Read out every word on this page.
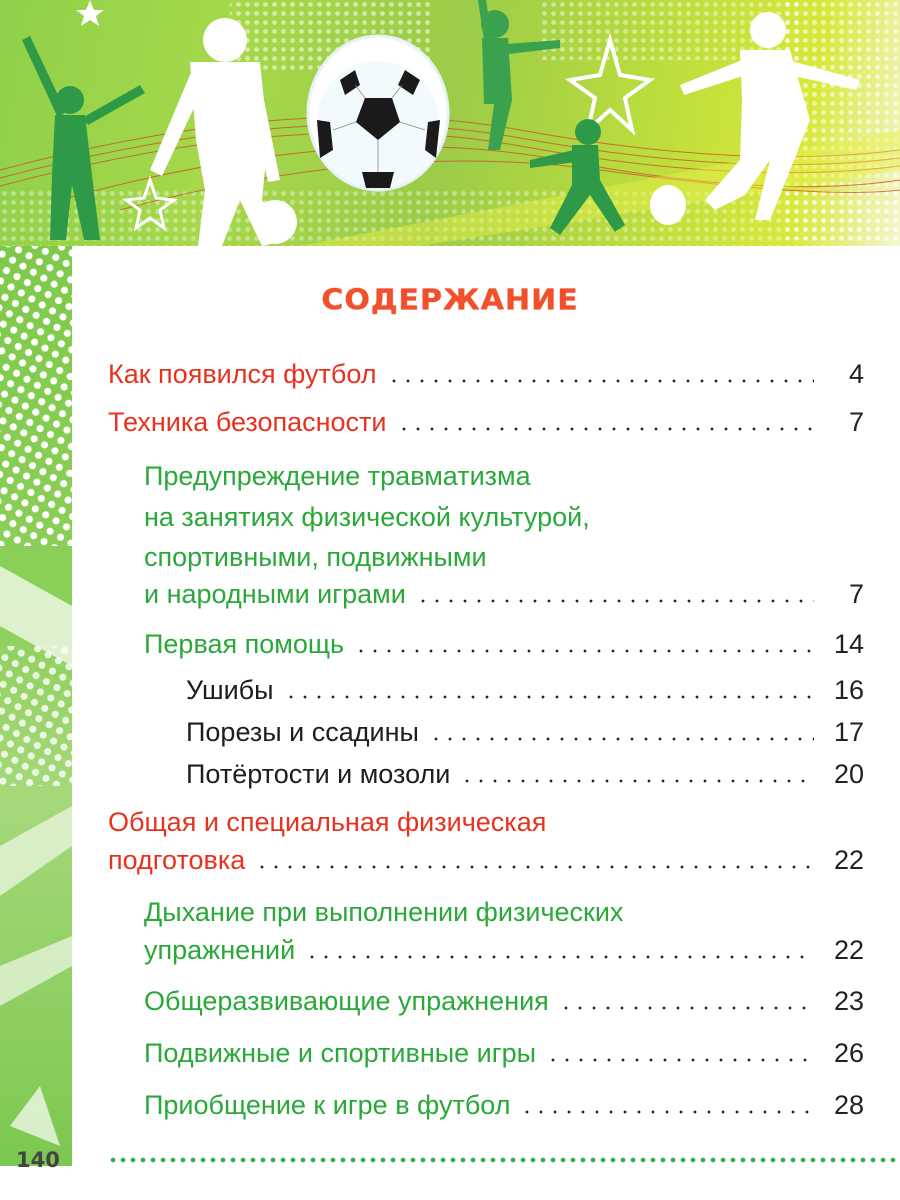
СОДЕРЖАНИЕ
Как появился футбол	4
Техника безопасности	7
Предупреждение травматизма
на занятиях физической культурой,
спортивными, подвижными
и народными играми	7
Первая помощь	14
Ушибы	16
Порезы и ссадины	17
Потёртости и мозоли	20
Общая и специальная физическая
подготовка	22
Дыхание при выполнении физических
упражнений	22
Общеразвивающие упражнения	23
Подвижные и спортивные игры	26
Приобщение к игре в футбол	28
140
